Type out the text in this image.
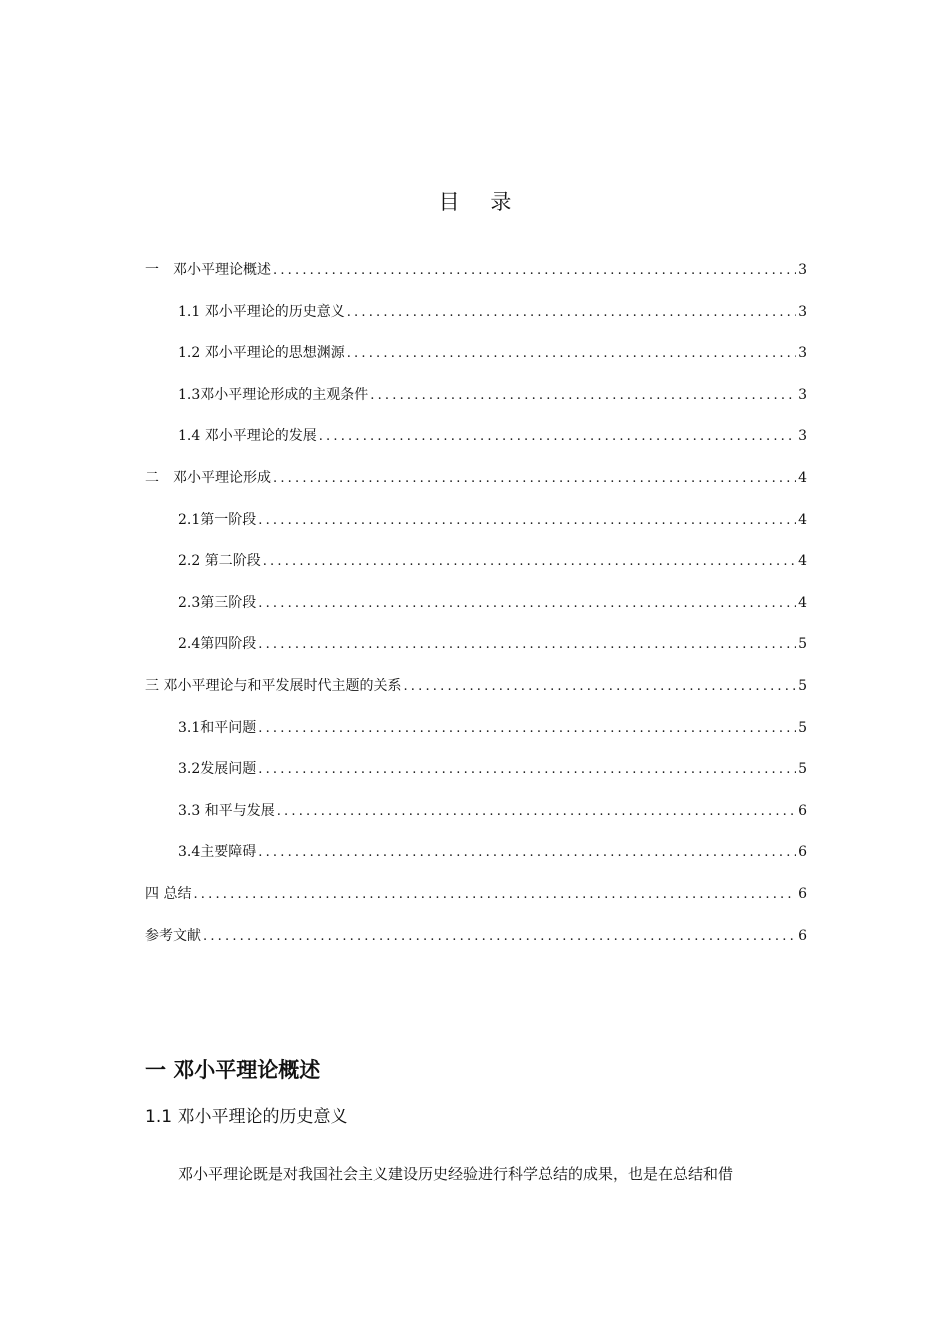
目 录
一　邓小平理论概述 .....	3
1.1 邓小平理论的历史意义 .....	3
1.2 邓小平理论的思想渊源 .....	3
1.3邓小平理论形成的主观条件 .....	3
1.4 邓小平理论的发展 .....	3
二　邓小平理论形成 .....	4
2.1第一阶段 .....	4
2.2 第二阶段 .....	4
2.3第三阶段 .....	4
2.4第四阶段 .....	5
三 邓小平理论与和平发展时代主题的关系 .....	5
3.1和平问题 .....	5
3.2发展问题 .....	5
3.3 和平与发展 .....	6
3.4主要障碍 .....	6
四 总结 .....	6
参考文献 .....	6
一 邓小平理论概述
1.1 邓小平理论的历史意义
邓小平理论既是对我国社会主义建设历史经验进行科学总结的成果，也是在总结和借
